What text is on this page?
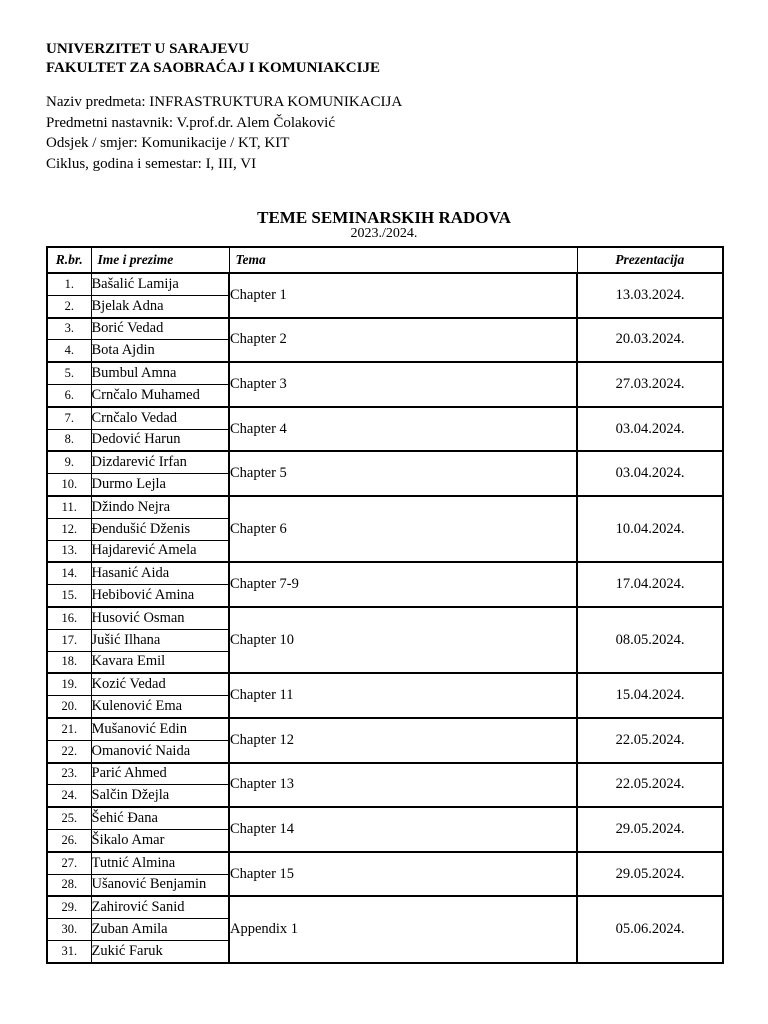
UNIVERZITET U SARAJEVU
FAKULTET ZA SAOBRAĆAJ I KOMUNIAKCIJE
Naziv predmeta: INFRASTRUKTURA KOMUNIKACIJA
Predmetni nastavnik: V.prof.dr. Alem Čolaković
Odsjek / smjer: Komunikacije / KT, KIT
Ciklus, godina i semestar: I, III, VI
TEME SEMINARSKIH RADOVA
2023./2024.
R.br.	Ime i prezime	Tema	Prezentacija
1.	Bašalić Lamija	Chapter 1	13.03.2024.
2.	Bjelak Adna		
3.	Borić Vedad	Chapter 2	20.03.2024.
4.	Bota Ajdin		
5.	Bumbul Amna	Chapter 3	27.03.2024.
6.	Crnčalo Muhamed		
7.	Crnčalo Vedad	Chapter 4	03.04.2024.
8.	Dedović Harun		
9.	Dizdarević Irfan	Chapter 5	03.04.2024.
10.	Durmo Lejla		
11.	Džindo Nejra	Chapter 6	10.04.2024.
12.	Đendušić Dženis		
13.	Hajdarević Amela		
14.	Hasanić Aida	Chapter 7-9	17.04.2024.
15.	Hebibović Amina		
16.	Husović Osman	Chapter 10	08.05.2024.
17.	Jušić Ilhana		
18.	Kavara Emil		
19.	Kozić Vedad	Chapter 11	15.04.2024.
20.	Kulenović Ema		
21.	Mušanović Edin	Chapter 12	22.05.2024.
22.	Omanović Naida		
23.	Parić Ahmed	Chapter 13	22.05.2024.
24.	Salčin Džejla		
25.	Šehić Đana	Chapter 14	29.05.2024.
26.	Šikalo Amar		
27.	Tutnić Almina	Chapter 15	29.05.2024.
28.	Ušanović Benjamin		
29.	Zahirović Sanid	Appendix 1	05.06.2024.
30.	Zuban Amila		
31.	Zukić Faruk		
